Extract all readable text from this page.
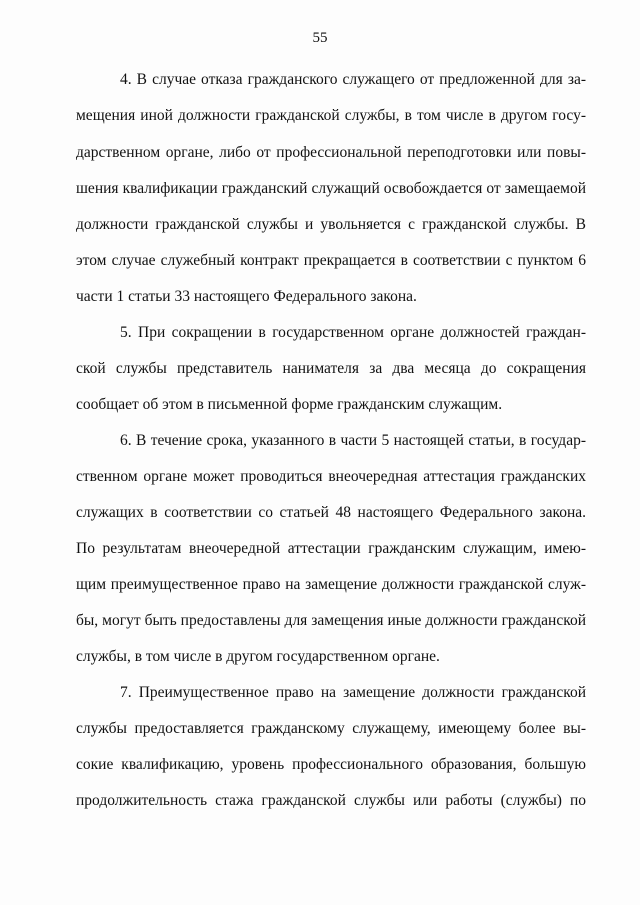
55
4. В случае отказа гражданского служащего от предложенной для за-
мещения иной должности гражданской службы, в том числе в другом госу-
дарственном органе, либо от профессиональной переподготовки или повы-
шения квалификации гражданский служащий освобождается от замещаемой
должности гражданской службы и увольняется с гражданской службы. В
этом случае служебный контракт прекращается в соответствии с пунктом 6
части 1 статьи 33 настоящего Федерального закона.
5. При сокращении в государственном органе должностей граждан-
ской службы представитель нанимателя за два месяца до сокращения
сообщает об этом в письменной форме гражданским служащим.
6. В течение срока, указанного в части 5 настоящей статьи, в государ-
ственном органе может проводиться внеочередная аттестация гражданских
служащих в соответствии со статьей 48 настоящего Федерального закона.
По результатам внеочередной аттестации гражданским служащим, имею-
щим преимущественное право на замещение должности гражданской служ-
бы, могут быть предоставлены для замещения иные должности гражданской
службы, в том числе в другом государственном органе.
7. Преимущественное право на замещение должности гражданской
службы предоставляется гражданскому служащему, имеющему более вы-
сокие квалификацию, уровень профессионального образования, большую
продолжительность стажа гражданской службы или работы (службы) по
